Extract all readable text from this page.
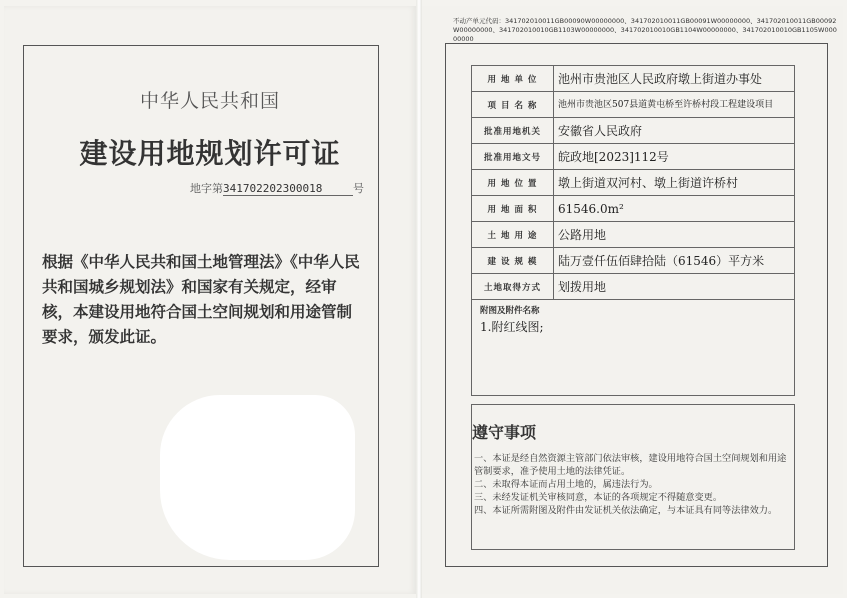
中华人民共和国
建设用地规划许可证
地字第341702202300018	号
根据《中华人民共和国土地管理法》《中华人民共和国城乡规划法》和国家有关规定，经审核，本建设用地符合国土空间规划和用途管制要求，颁发此证。
不动产单元代码：341702010011GB00090W00000000、341702010011GB00091W00000000、341702010011GB00092W00000000、341702010010GB1103W00000000、341702010010GB1104W00000000、341702010010GB1105W00000000
用 地 单 位	池州市贵池区人民政府墩上街道办事处
项 目 名 称	池州市贵池区507县道黄屯桥至许桥村段工程建设项目
批准用地机关	安徽省人民政府
批准用地文号	皖政地[2023]112号
用 地 位 置	墩上街道双河村、墩上街道许桥村
用 地 面 积	61546.0m²
土 地 用 途	公路用地
建 设 规 模	陆万壹仟伍佰肆拾陆（61546）平方米
土地取得方式	划拨用地

附图及附件名称
1.附红线图;	
遵守事项
一、本证是经自然资源主管部门依法审核，建设用地符合国土空间规划和用途管制要求，准予使用土地的法律凭证。
二、未取得本证而占用土地的，属违法行为。
三、未经发证机关审核同意，本证的各项规定不得随意变更。
四、本证所需附图及附件由发证机关依法确定，与本证具有同等法律效力。
